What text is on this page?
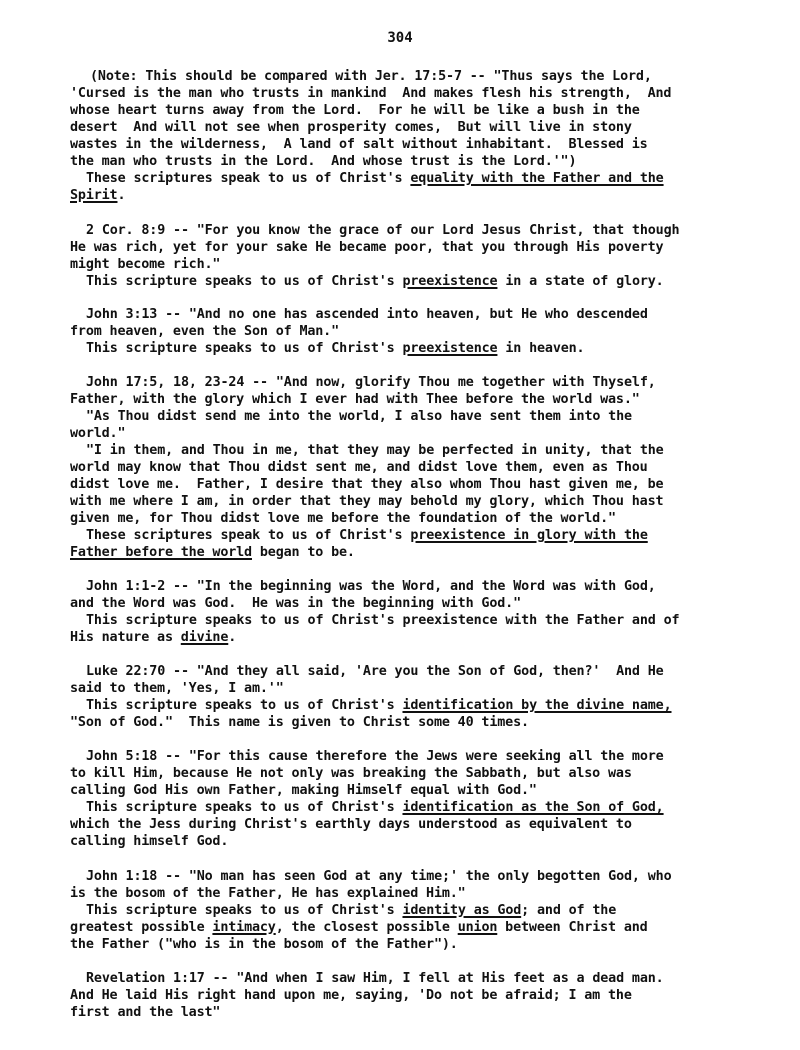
304
(Note: This should be compared with Jer. 17:5-7 -- "Thus says the Lord,
'Cursed is the man who trusts in mankind  And makes flesh his strength,  And
whose heart turns away from the Lord.  For he will be like a bush in the
desert  And will not see when prosperity comes,  But will live in stony
wastes in the wilderness,  A land of salt without inhabitant.  Blessed is
the man who trusts in the Lord.  And whose trust is the Lord.'")
These scriptures speak to us of Christ's equality with the Father and the
Spirit.
2 Cor. 8:9 -- "For you know the grace of our Lord Jesus Christ, that though
He was rich, yet for your sake He became poor, that you through His poverty
might become rich."
This scripture speaks to us of Christ's preexistence in a state of glory.
John 3:13 -- "And no one has ascended into heaven, but He who descended
from heaven, even the Son of Man."
This scripture speaks to us of Christ's preexistence in heaven.
John 17:5, 18, 23-24 -- "And now, glorify Thou me together with Thyself,
Father, with the glory which I ever had with Thee before the world was."
"As Thou didst send me into the world, I also have sent them into the
world."
"I in them, and Thou in me, that they may be perfected in unity, that the
world may know that Thou didst sent me, and didst love them, even as Thou
didst love me.  Father, I desire that they also whom Thou hast given me, be
with me where I am, in order that they may behold my glory, which Thou hast
given me, for Thou didst love me before the foundation of the world."
These scriptures speak to us of Christ's preexistence in glory with the
Father before the world began to be.
John 1:1-2 -- "In the beginning was the Word, and the Word was with God,
and the Word was God.  He was in the beginning with God."
This scripture speaks to us of Christ's preexistence with the Father and of
His nature as divine.
Luke 22:70 -- "And they all said, 'Are you the Son of God, then?'  And He
said to them, 'Yes, I am.'"
This scripture speaks to us of Christ's identification by the divine name,
"Son of God."  This name is given to Christ some 40 times.
John 5:18 -- "For this cause therefore the Jews were seeking all the more
to kill Him, because He not only was breaking the Sabbath, but also was
calling God His own Father, making Himself equal with God."
This scripture speaks to us of Christ's identification as the Son of God,
which the Jess during Christ's earthly days understood as equivalent to
calling himself God.
John 1:18 -- "No man has seen God at any time;' the only begotten God, who
is the bosom of the Father, He has explained Him."
This scripture speaks to us of Christ's identity as God; and of the
greatest possible intimacy, the closest possible union between Christ and
the Father ("who is in the bosom of the Father").
Revelation 1:17 -- "And when I saw Him, I fell at His feet as a dead man.
And He laid His right hand upon me, saying, 'Do not be afraid; I am the
first and the last"
